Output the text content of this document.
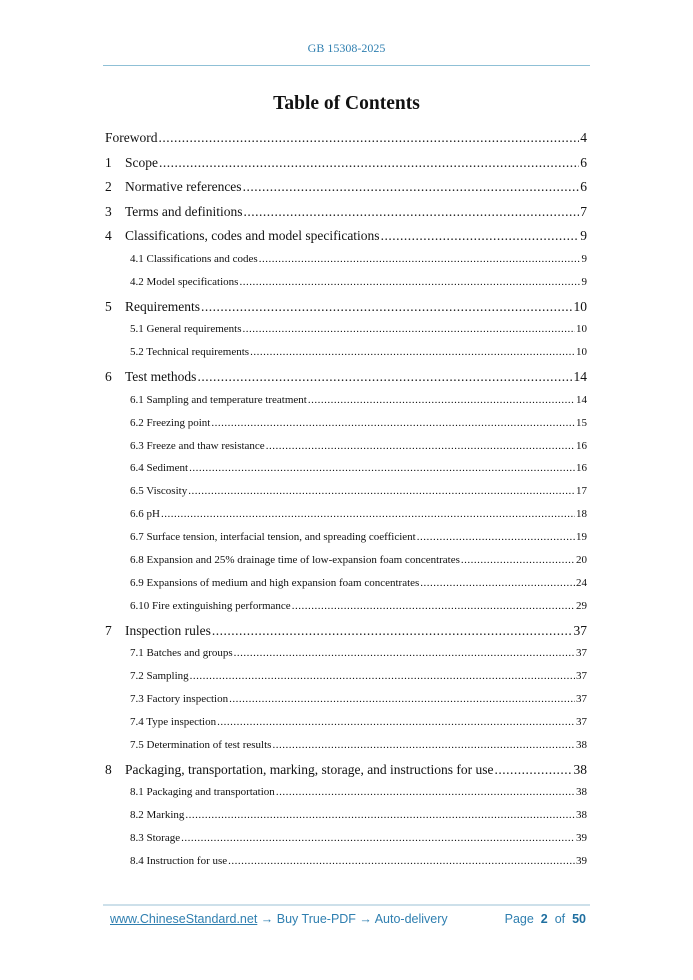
GB 15308-2025
Table of Contents
Foreword .....	4
1 Scope .....	6
2 Normative references .....	6
3 Terms and definitions .....	7
4 Classifications, codes and model specifications .....	9
4.1 Classifications and codes .....	9
4.2 Model specifications .....	9
5 Requirements .....	10
5.1 General requirements .....	10
5.2 Technical requirements .....	10
6 Test methods .....	14
6.1 Sampling and temperature treatment .....	14
6.2 Freezing point .....	15
6.3 Freeze and thaw resistance .....	16
6.4 Sediment .....	16
6.5 Viscosity .....	17
6.6 pH .....	18
6.7 Surface tension, interfacial tension, and spreading coefficient .....	19
6.8 Expansion and 25% drainage time of low-expansion foam concentrates .....	20
6.9 Expansions of medium and high expansion foam concentrates .....	24
6.10 Fire extinguishing performance .....	29
7 Inspection rules .....	37
7.1 Batches and groups .....	37
7.2 Sampling .....	37
7.3 Factory inspection .....	37
7.4 Type inspection .....	37
7.5 Determination of test results .....	38
8 Packaging, transportation, marking, storage, and instructions for use .....	38
8.1 Packaging and transportation .....	38
8.2 Marking .....	38
8.3 Storage .....	39
8.4 Instruction for use .....	39
www.ChineseStandard.net → Buy True-PDF → Auto-delivery	Page 2 of 50
